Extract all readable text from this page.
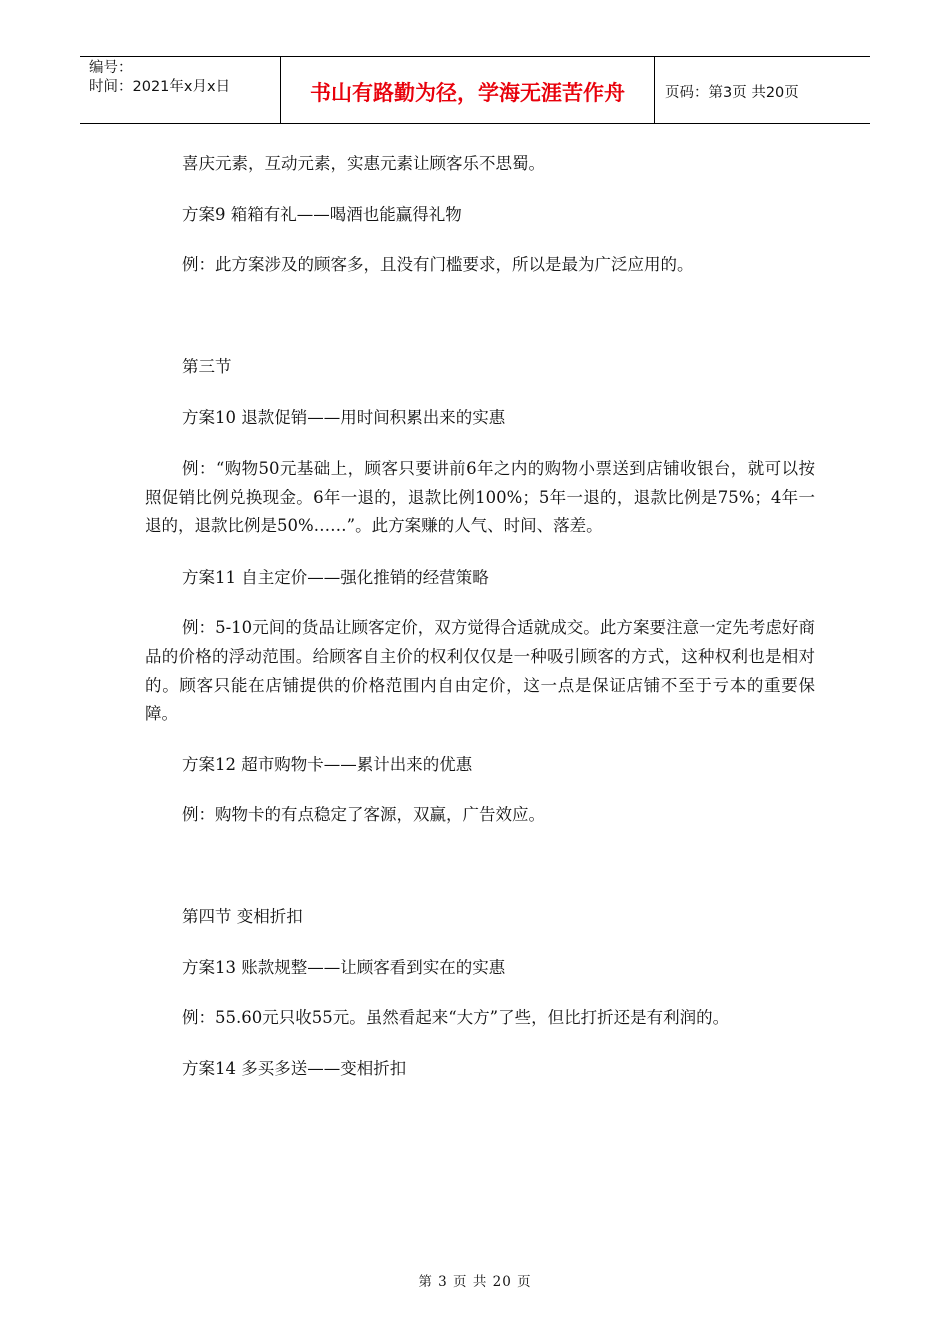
编号：
时间：2021年x月x日	书山有路勤为径，学海无涯苦作舟	页码：第3页 共20页

喜庆元素，互动元素，实惠元素让顾客乐不思蜀。

方案9 箱箱有礼——喝酒也能赢得礼物

例：此方案涉及的顾客多，且没有门槛要求，所以是最为广泛应用的。

第三节

方案10 退款促销——用时间积累出来的实惠

例：“购物50元基础上，顾客只要讲前6年之内的购物小票送到店铺收银台，就可以按照促销比例兑换现金。6年一退的，退款比例100%；5年一退的，退款比例是75%；4年一退的，退款比例是50%……”。此方案赚的人气、时间、落差。

方案11 自主定价——强化推销的经营策略

例：5-10元间的货品让顾客定价，双方觉得合适就成交。此方案要注意一定先考虑好商品的价格的浮动范围。给顾客自主价的权利仅仅是一种吸引顾客的方式，这种权利也是相对的。顾客只能在店铺提供的价格范围内自由定价，这一点是保证店铺不至于亏本的重要保障。

方案12 超市购物卡——累计出来的优惠

例：购物卡的有点稳定了客源，双赢，广告效应。

第四节 变相折扣

方案13 账款规整——让顾客看到实在的实惠

例：55.60元只收55元。虽然看起来“大方”了些，但比打折还是有利润的。

方案14 多买多送——变相折扣

第 3 页 共 20 页
